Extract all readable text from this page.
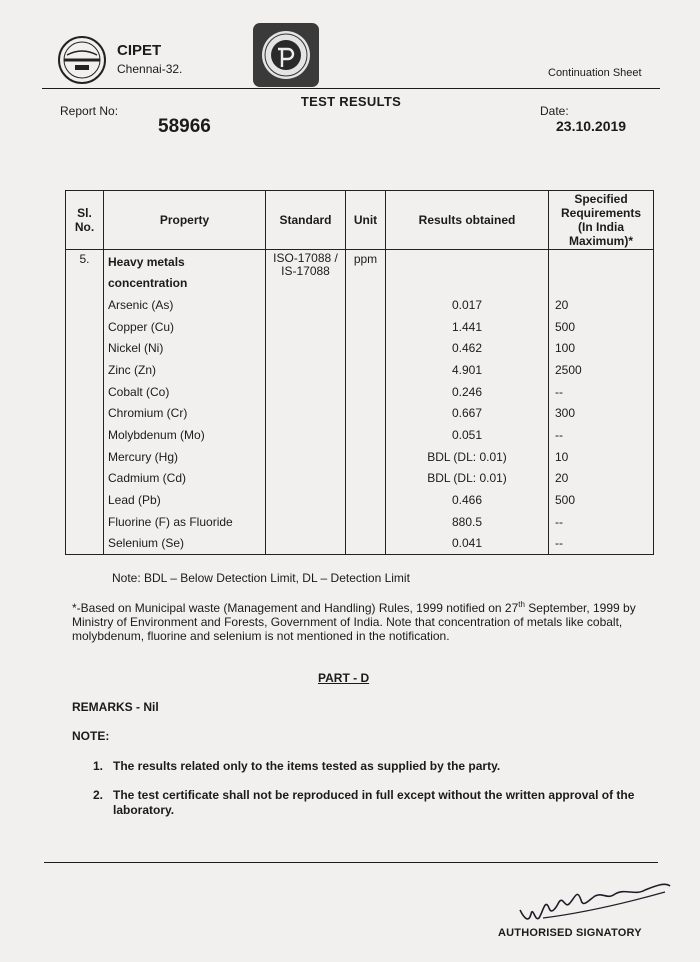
CIPET
Chennai-32.	Continuation Sheet
TEST RESULTS
Report No:
58966
Date:
23.10.2019
Sl. No.	Property	Standard	Unit	Results obtained	Specified Requirements (In India Maximum)*
5.	Heavy metals concentration	ISO-17088 / IS-17088	ppm		
	Arsenic (As)			0.017	20
	Copper (Cu)			1.441	500
	Nickel (Ni)			0.462	100
	Zinc (Zn)			4.901	2500
	Cobalt (Co)			0.246	--
	Chromium (Cr)			0.667	300
	Molybdenum (Mo)			0.051	--
	Mercury (Hg)			BDL (DL: 0.01)	10
	Cadmium (Cd)			BDL (DL: 0.01)	20
	Lead (Pb)			0.466	500
	Fluorine (F) as Fluoride			880.5	--
	Selenium (Se)			0.041	--
Note: BDL – Below Detection Limit, DL – Detection Limit
*-Based on Municipal waste (Management and Handling) Rules, 1999 notified on 27th September, 1999 by Ministry of Environment and Forests, Government of India. Note that concentration of metals like cobalt, molybdenum, fluorine and selenium is not mentioned in the notification.
PART - D
REMARKS - Nil
NOTE:
1. The results related only to the items tested as supplied by the party.
2. The test certificate shall not be reproduced in full except without the written approval of the laboratory.
AUTHORISED SIGNATORY
